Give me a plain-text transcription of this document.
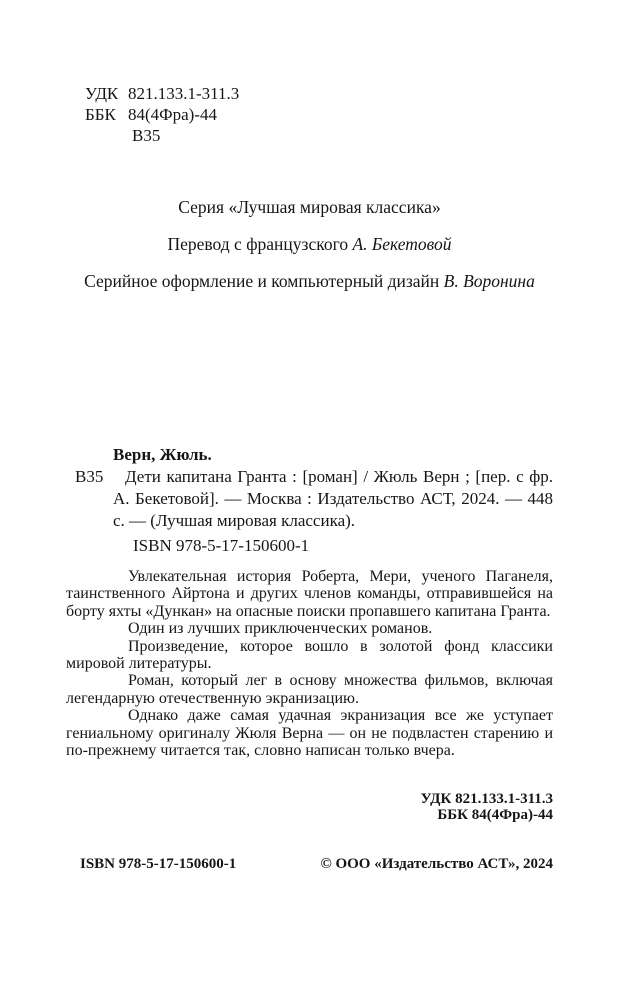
УДК 821.133.1-311.3
ББК 84(4Фра)-44
В35

Серия «Лучшая мировая классика»

Перевод с французского А. Бекетовой

Серийное оформление и компьютерный дизайн В. Воронина

Верн, Жюль.
В35	Дети капитана Гранта : [роман] / Жюль Верн ; [пер. с фр. А. Бекетовой]. — Москва : Издательство АСТ, 2024. — 448 с. — (Лучшая мировая классика).
ISBN 978-5-17-150600-1

Увлекательная история Роберта, Мери, ученого Паганеля, таинственного Айртона и других членов команды, отправившейся на борту яхты «Дункан» на опасные поиски пропавшего капитана Гранта.

Один из лучших приключенческих романов.

Произведение, которое вошло в золотой фонд классики мировой литературы.

Роман, который лег в основу множества фильмов, включая легендарную отечественную экранизацию.

Однако даже самая удачная экранизация все же уступает гениальному оригиналу Жюля Верна — он не подвластен старению и по-прежнему читается так, словно написан только вчера.

УДК 821.133.1-311.3
ББК 84(4Фра)-44
ISBN 978-5-17-150600-1	© ООО «Издательство АСТ», 2024
